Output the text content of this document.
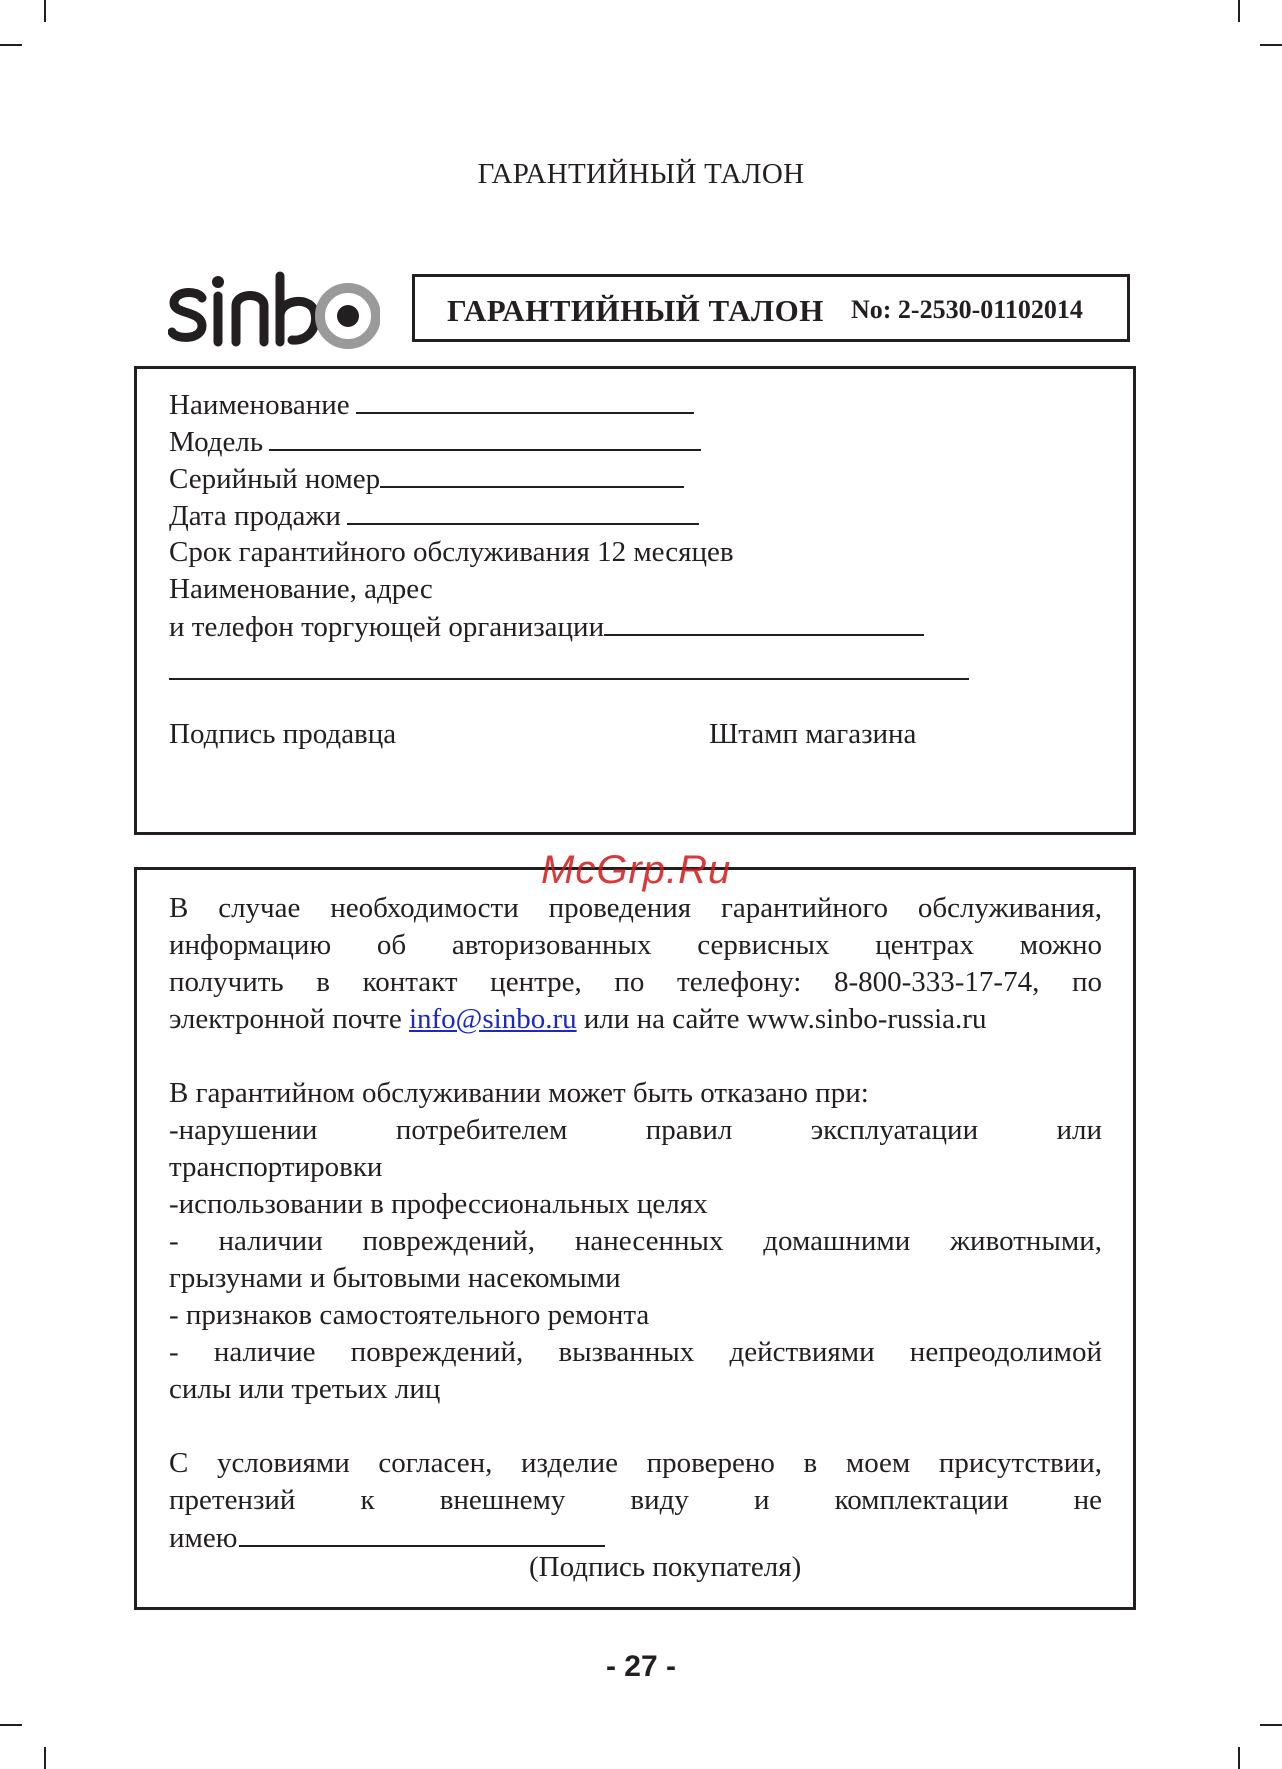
ГАРАНТИЙНЫЙ ТАЛОН
ГАРАНТИЙНЫЙ ТАЛОН No: 2-2530-01102014
Наименование
Модель
Серийный номер
Дата продажи
Срок гарантийного обслуживания 12 месяцев
Наименование, адрес
и телефон торгующей организации
Подпись продавца	Штамп магазина
В случае необходимости проведения гарантийного обслуживания,
информацию об авторизованных сервисных центрах можно
получить в контакт центре, по телефону: 8-800-333-17-74, по
электронной почте info@sinbo.ru или на сайте www.sinbo-russia.ru
В гарантийном обслуживании может быть отказано при:
-нарушении потребителем правил эксплуатации или
транспортировки
-использовании в профессиональных целях
- наличии повреждений, нанесенных домашними животными,
грызунами и бытовыми насекомыми
- признаков самостоятельного ремонта
- наличие повреждений, вызванных действиями непреодолимой
силы или третьих лиц
С условиями согласен, изделие проверено в моем присутствии,
претензий к внешнему виду и комплектации не
имею
(Подпись покупателя)
McGrp.Ru
- 27 -
